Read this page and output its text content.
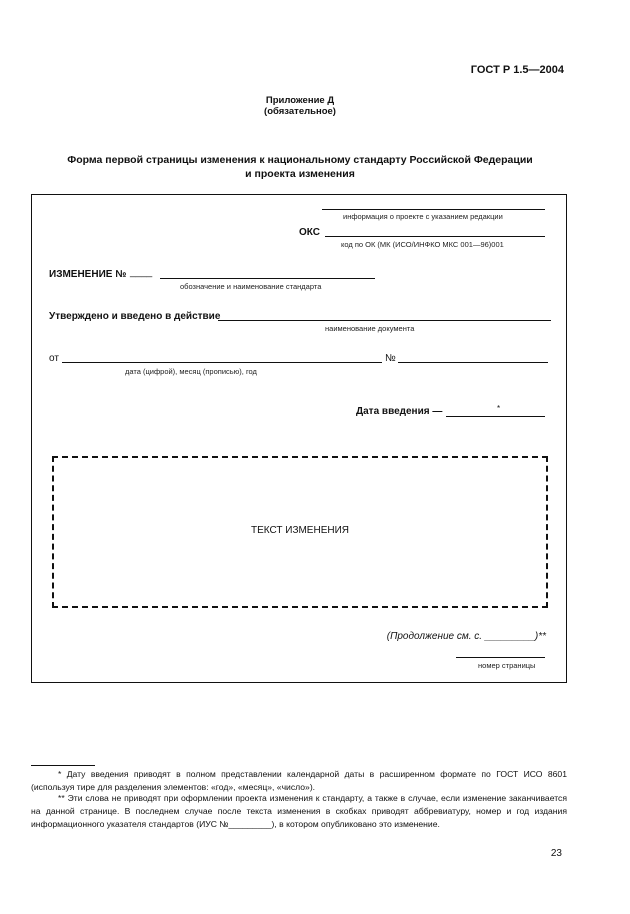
ГОСТ Р 1.5—2004
Приложение Д
(обязательное)
Форма первой страницы изменения к национальному стандарту Российской Федерации
и проекта изменения
информация о проекте с указанием редакции
ОКС
код по ОК (МК (ИСО/ИНФКО МКС 001—96)001
ИЗМЕНЕНИЕ № ____
обозначение и наименование стандарта
Утверждено и введено в действие
наименование документа
от
дата (цифрой), месяц (прописью), год
№
Дата введения —	*
ТЕКСТ ИЗМЕНЕНИЯ
(Продолжение см. с. _________)**
номер страницы
* Дату введения приводят в полном представлении календарной даты в расширенном формате по ГОСТ ИСО 8601 (используя тире для разделения элементов: «год», «месяц», «число»).
** Эти слова не приводят при оформлении проекта изменения к стандарту, а также в случае, если изменение заканчивается на данной странице. В последнем случае после текста изменения в скобках приводят аббревиатуру, номер и год издания информационного указателя стандартов (ИУС №_________), в котором опубликовано это изменение.
23
